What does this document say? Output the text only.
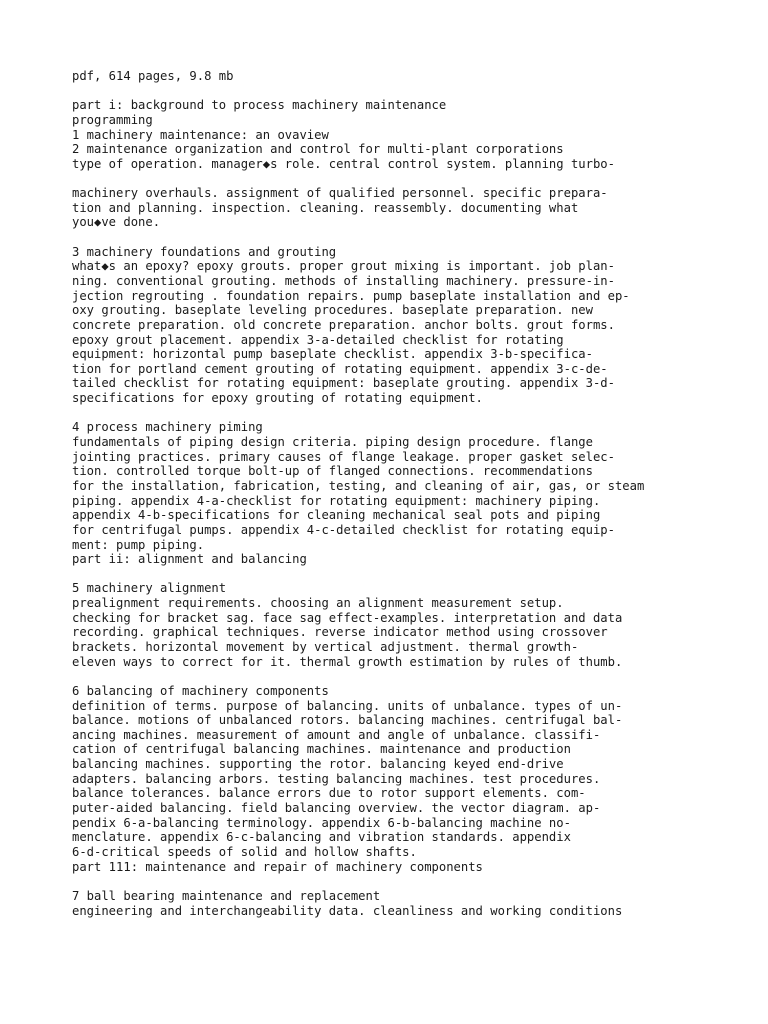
pdf, 614 pages, 9.8 mb
part i: background to process machinery maintenance
programming
1 machinery maintenance: an ovaview
2 maintenance organization and control for multi-plant corporations
type of operation. manager◆s role. central control system. planning turbo-
machinery overhauls. assignment of qualified personnel. specific prepara-
tion and planning. inspection. cleaning. reassembly. documenting what
you◆ve done.
3 machinery foundations and grouting
what◆s an epoxy? epoxy grouts. proper grout mixing is important. job plan-
ning. conventional grouting. methods of installing machinery. pressure-in-
jection regrouting . foundation repairs. pump baseplate installation and ep-
oxy grouting. baseplate leveling procedures. baseplate preparation. new
concrete preparation. old concrete preparation. anchor bolts. grout forms.
epoxy grout placement. appendix 3-a-detailed checklist for rotating
equipment: horizontal pump baseplate checklist. appendix 3-b-specifica-
tion for portland cement grouting of rotating equipment. appendix 3-c-de-
tailed checklist for rotating equipment: baseplate grouting. appendix 3-d-
specifications for epoxy grouting of rotating equipment.
4 process machinery piming
fundamentals of piping design criteria. piping design procedure. flange
jointing practices. primary causes of flange leakage. proper gasket selec-
tion. controlled torque bolt-up of flanged connections. recommendations
for the installation, fabrication, testing, and cleaning of air, gas, or steam
piping. appendix 4-a-checklist for rotating equipment: machinery piping.
appendix 4-b-specifications for cleaning mechanical seal pots and piping
for centrifugal pumps. appendix 4-c-detailed checklist for rotating equip-
ment: pump piping.
part ii: alignment and balancing
5 machinery alignment
prealignment requirements. choosing an alignment measurement setup.
checking for bracket sag. face sag effect-examples. interpretation and data
recording. graphical techniques. reverse indicator method using crossover
brackets. horizontal movement by vertical adjustment. thermal growth-
eleven ways to correct for it. thermal growth estimation by rules of thumb.
6 balancing of machinery components
definition of terms. purpose of balancing. units of unbalance. types of un-
balance. motions of unbalanced rotors. balancing machines. centrifugal bal-
ancing machines. measurement of amount and angle of unbalance. classifi-
cation of centrifugal balancing machines. maintenance and production
balancing machines. supporting the rotor. balancing keyed end-drive
adapters. balancing arbors. testing balancing machines. test procedures.
balance tolerances. balance errors due to rotor support elements. com-
puter-aided balancing. field balancing overview. the vector diagram. ap-
pendix 6-a-balancing terminology. appendix 6-b-balancing machine no-
menclature. appendix 6-c-balancing and vibration standards. appendix
6-d-critical speeds of solid and hollow shafts.
part 111: maintenance and repair of machinery components
7 ball bearing maintenance and replacement
engineering and interchangeability data. cleanliness and working conditions
